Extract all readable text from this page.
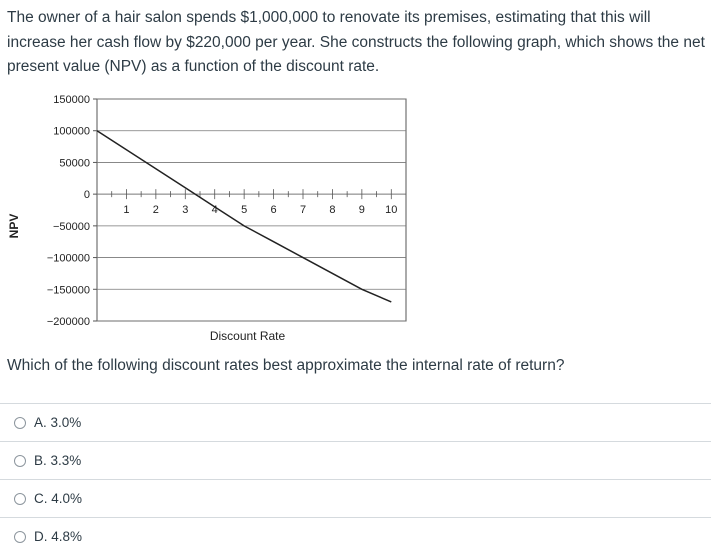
The owner of a hair salon spends $1,000,000 to renovate its premises, estimating that this will increase her cash flow by $220,000 per year. She constructs the following graph, which shows the net present value (NPV) as a function of the discount rate.

150000
100000
50000
0
−50000
−100000
−150000
−200000
1 2 3 4 5 6 7 8 9 10
Discount Rate
NPV

Which of the following discount rates best approximate the internal rate of return?

A. 3.0%
B. 3.3%
C. 4.0%
D. 4.8%
